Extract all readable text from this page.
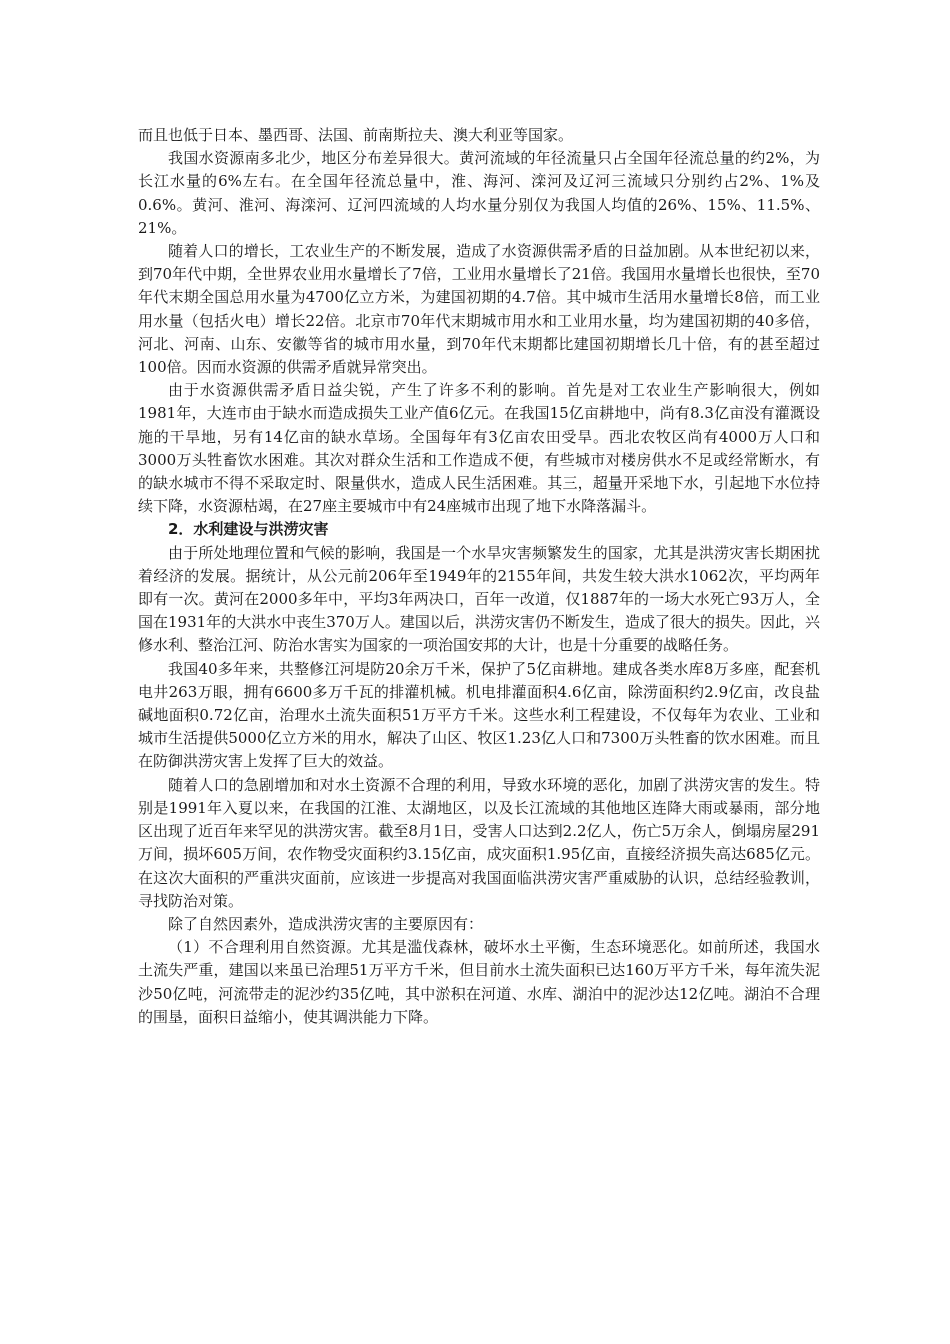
而且也低于日本、墨西哥、法国、前南斯拉夫、澳大利亚等国家。

我国水资源南多北少，地区分布差异很大。黄河流域的年径流量只占全国年径流总量的约2%，为长江水量的6%左右。在全国年径流总量中，淮、海河、滦河及辽河三流域只分别约占2%、1%及0.6%。黄河、淮河、海滦河、辽河四流域的人均水量分别仅为我国人均值的26%、15%、11.5%、21%。

随着人口的增长，工农业生产的不断发展，造成了水资源供需矛盾的日益加剧。从本世纪初以来，到70年代中期，全世界农业用水量增长了7倍，工业用水量增长了21倍。我国用水量增长也很快，至70年代末期全国总用水量为4700亿立方米，为建国初期的4.7倍。其中城市生活用水量增长8倍，而工业用水量（包括火电）增长22倍。北京市70年代末期城市用水和工业用水量，均为建国初期的40多倍，河北、河南、山东、安徽等省的城市用水量，到70年代末期都比建国初期增长几十倍，有的甚至超过100倍。因而水资源的供需矛盾就异常突出。

由于水资源供需矛盾日益尖锐，产生了许多不利的影响。首先是对工农业生产影响很大，例如1981年，大连市由于缺水而造成损失工业产值6亿元。在我国15亿亩耕地中，尚有8.3亿亩没有灌溉设施的干旱地，另有14亿亩的缺水草场。全国每年有3亿亩农田受旱。西北农牧区尚有4000万人口和3000万头牲畜饮水困难。其次对群众生活和工作造成不便，有些城市对楼房供水不足或经常断水，有的缺水城市不得不采取定时、限量供水，造成人民生活困难。其三，超量开采地下水，引起地下水位持续下降，水资源枯竭，在27座主要城市中有24座城市出现了地下水降落漏斗。

2．水利建设与洪涝灾害

由于所处地理位置和气候的影响，我国是一个水旱灾害频繁发生的国家，尤其是洪涝灾害长期困扰着经济的发展。据统计，从公元前206年至1949年的2155年间，共发生较大洪水1062次，平均两年即有一次。黄河在2000多年中，平均3年两决口，百年一改道，仅1887年的一场大水死亡93万人，全国在1931年的大洪水中丧生370万人。建国以后，洪涝灾害仍不断发生，造成了很大的损失。因此，兴修水利、整治江河、防治水害实为国家的一项治国安邦的大计，也是十分重要的战略任务。

我国40多年来，共整修江河堤防20余万千米，保护了5亿亩耕地。建成各类水库8万多座，配套机电井263万眼，拥有6600多万千瓦的排灌机械。机电排灌面积4.6亿亩，除涝面积约2.9亿亩，改良盐碱地面积0.72亿亩，治理水土流失面积51万平方千米。这些水利工程建设，不仅每年为农业、工业和城市生活提供5000亿立方米的用水，解决了山区、牧区1.23亿人口和7300万头牲畜的饮水困难。而且在防御洪涝灾害上发挥了巨大的效益。

随着人口的急剧增加和对水土资源不合理的利用，导致水环境的恶化，加剧了洪涝灾害的发生。特别是1991年入夏以来，在我国的江淮、太湖地区，以及长江流域的其他地区连降大雨或暴雨，部分地区出现了近百年来罕见的洪涝灾害。截至8月1日，受害人口达到2.2亿人，伤亡5万余人，倒塌房屋291万间，损坏605万间，农作物受灾面积约3.15亿亩，成灾面积1.95亿亩，直接经济损失高达685亿元。在这次大面积的严重洪灾面前，应该进一步提高对我国面临洪涝灾害严重威胁的认识，总结经验教训，寻找防治对策。

除了自然因素外，造成洪涝灾害的主要原因有：

（1）不合理利用自然资源。尤其是滥伐森林，破坏水土平衡，生态环境恶化。如前所述，我国水土流失严重，建国以来虽已治理51万平方千米，但目前水土流失面积已达160万平方千米，每年流失泥沙50亿吨，河流带走的泥沙约35亿吨，其中淤积在河道、水库、湖泊中的泥沙达12亿吨。湖泊不合理的围垦，面积日益缩小，使其调洪能力下降。
